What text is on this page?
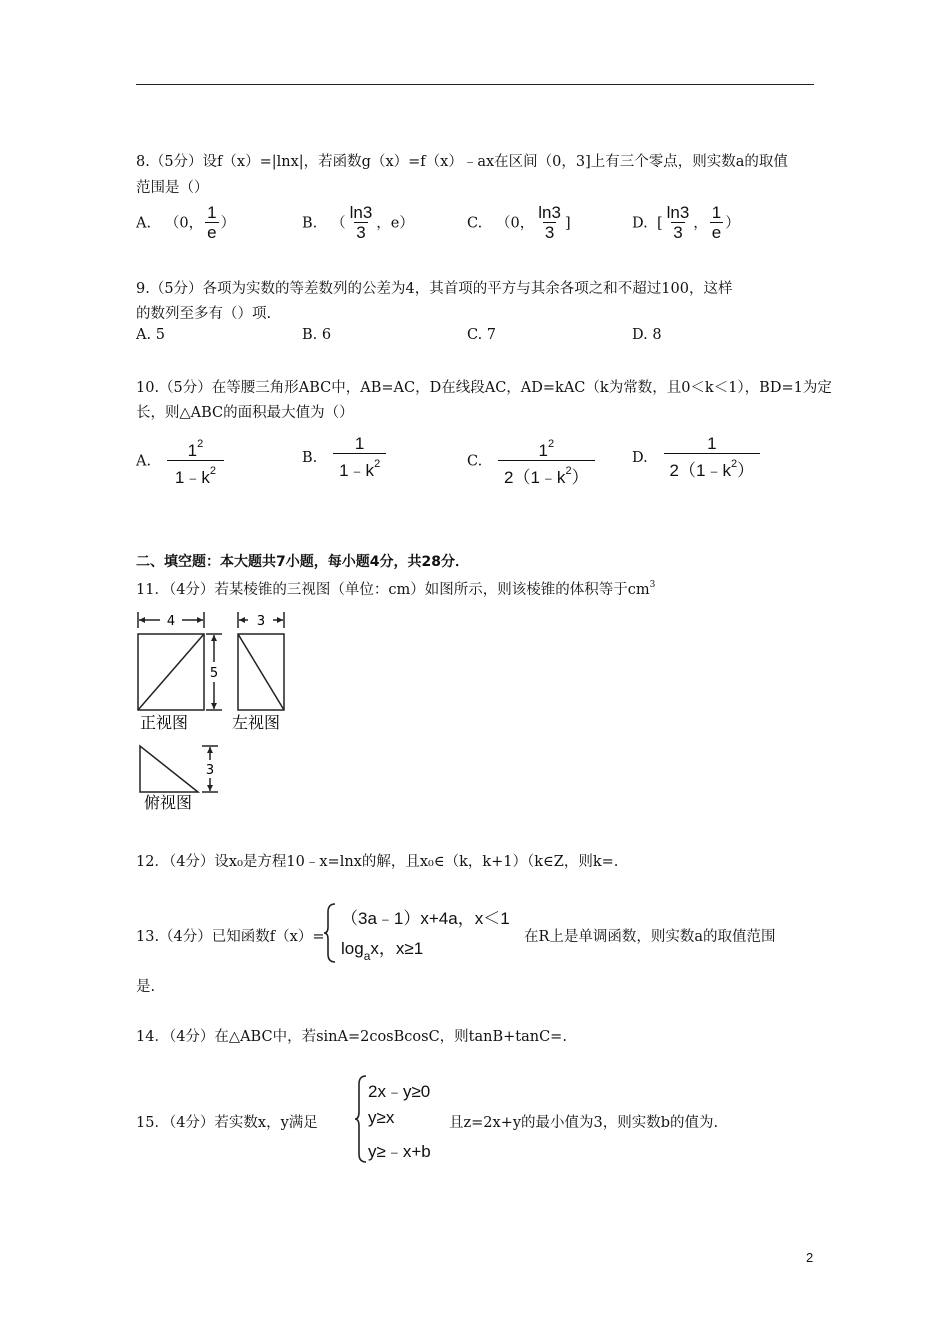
8.（5分）设f（x）=|lnx|，若函数g（x）=f（x）﹣ax在区间（0，3]上有三个零点，则实数a的取值
范围是（）
A. （0， $\frac{1}{e}$ ）	B. （ $\frac{\ln 3}{3}$ ，e）	C. （0， $\frac{\ln 3}{3}$ ]	D. [ $\frac{\ln 3}{3}$ ， $\frac{1}{e}$ ）
9.（5分）各项为实数的等差数列的公差为4，其首项的平方与其余各项之和不超过100，这样
的数列至多有（）项.
A. 5	B. 6	C. 7	D. 8
10.（5分）在等腰三角形ABC中，AB=AC，D在线段AC，AD=kAC（k为常数，且0＜k＜1），BD=1为定
长，则△ABC的面积最大值为（）
A. $\frac{1^2}{1﹣k^2}$	B. $\frac{1}{1﹣k^2}$	C. $\frac{1^2}{2(1﹣k^2)}$	D. $\frac{1}{2(1﹣k^2)}$
二、填空题：本大题共7小题，每小题4分，共28分．
11．（4分）若某棱锥的三视图（单位：cm）如图所示，则该棱锥的体积等于$cm^3$
4	3
5
3
正视图	左视图
俯视图
12．（4分）设x₀是方程10﹣x=lnx的解，且x₀∈（k，k+1）（k∈Z，则k=.
13.（4分）已知函数f（x）=
（3a﹣1）x+4a，x＜1
$\log_ax$，x≥1
在R上是单调函数，则实数a的取值范围
是.
14．（4分）在△ABC中，若sinA=2cosBcosC，则tanB+tanC=.
15．（4分）若实数x，y满足
2x﹣y≥0
y≥x
y≥﹣x+b
且z=2x+y的最小值为3，则实数b的值为.
2
